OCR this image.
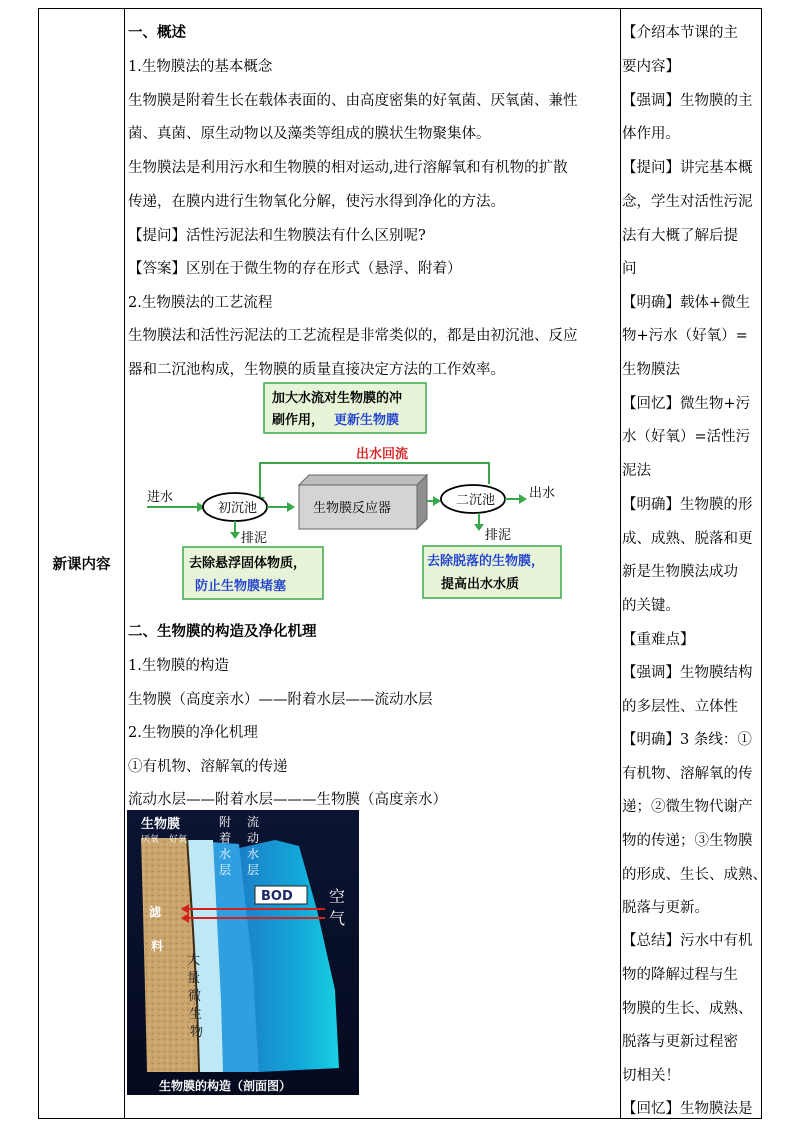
新课内容
一、概述
1.生物膜法的基本概念
生物膜是附着生长在载体表面的、由高度密集的好氧菌、厌氧菌、兼性
菌、真菌、原生动物以及藻类等组成的膜状生物聚集体。
生物膜法是利用污水和生物膜的相对运动,进行溶解氧和有机物的扩散
传递，在膜内进行生物氧化分解，使污水得到净化的方法。
【提问】活性污泥法和生物膜法有什么区别呢?
【答案】区别在于微生物的存在形式（悬浮、附着）
2.生物膜法的工艺流程
生物膜法和活性污泥法的工艺流程是非常类似的，都是由初沉池、反应
器和二沉池构成，生物膜的质量直接决定方法的工作效率。
二、生物膜的构造及净化机理
1.生物膜的构造
生物膜（高度亲水）——附着水层——流动水层
2.生物膜的净化机理
①有机物、溶解氧的传递
流动水层——附着水层———生物膜（高度亲水）
加大水流对生物膜的冲
刷作用， 更新生物膜
出水回流
进水
初沉池
排泥
生物膜反应器
二沉池
排泥
出水
去除悬浮固体物质，
防止生物膜堵塞
去除脱落的生物膜，
提高出水水质
生物膜
厌氧 好氧
附
着
水
层
流
动
水
层
BOD 空
气
滤
料
大
量
微
生
物
生物膜的构造（剖面图）
【介绍本节课的主
要内容】
【强调】生物膜的主
体作用。
【提问】讲完基本概
念，学生对活性污泥
法有大概了解后提
问
【明确】载体+微生
物+污水（好氧）=
生物膜法
【回忆】微生物+污
水（好氧）=活性污
泥法
【明确】生物膜的形
成、成熟、脱落和更
新是生物膜法成功
的关键。
【重难点】
【强调】生物膜结构
的多层性、立体性
【明确】3 条线：①
有机物、溶解氧的传
递；②微生物代谢产
物的传递；③生物膜
的形成、生长、成熟、
脱落与更新。
【总结】污水中有机
物的降解过程与生
物膜的生长、成熟、
脱落与更新过程密
切相关！
【回忆】生物膜法是
